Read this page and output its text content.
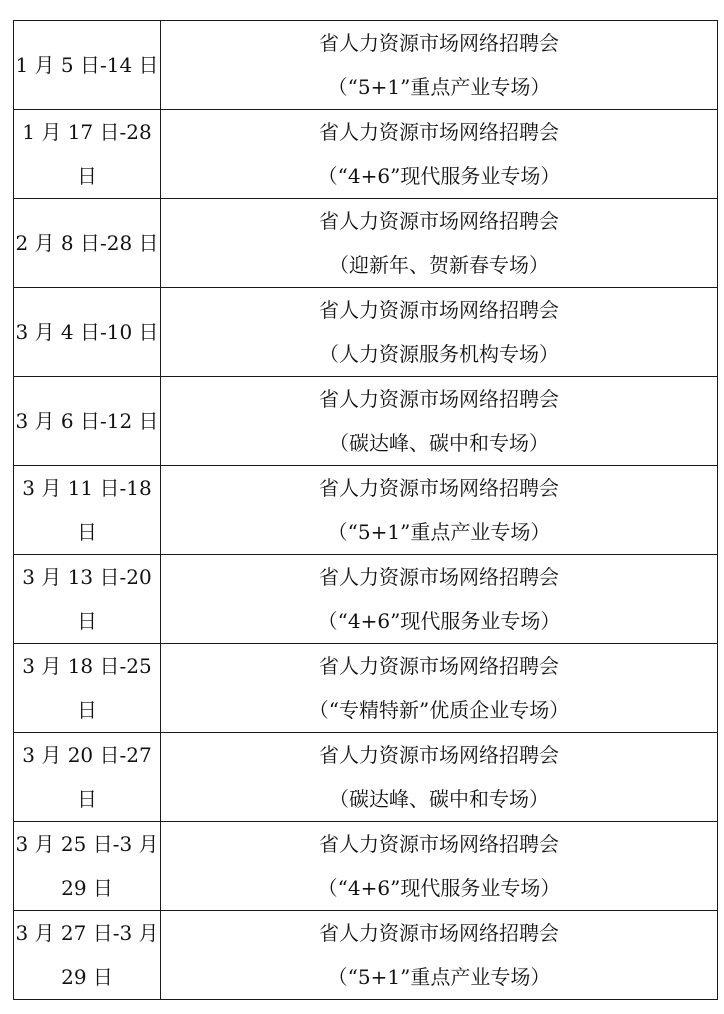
1 月 5 日-14 日	省人力资源市场网络招聘会
（“5+1”重点产业专场）

1 月 17 日-28 日	省人力资源市场网络招聘会
（“4+6”现代服务业专场）

2 月 8 日-28 日	省人力资源市场网络招聘会
（迎新年、贺新春专场）

3 月 4 日-10 日	省人力资源市场网络招聘会
（人力资源服务机构专场）

3 月 6 日-12 日	省人力资源市场网络招聘会
（碳达峰、碳中和专场）

3 月 11 日-18 日	省人力资源市场网络招聘会
（“5+1”重点产业专场）

3 月 13 日-20 日	省人力资源市场网络招聘会
（“4+6”现代服务业专场）

3 月 18 日-25 日	省人力资源市场网络招聘会
（“专精特新”优质企业专场）

3 月 20 日-27 日	省人力资源市场网络招聘会
（碳达峰、碳中和专场）

3 月 25 日-3 月 29 日	省人力资源市场网络招聘会
（“4+6”现代服务业专场）

3 月 27 日-3 月 29 日	省人力资源市场网络招聘会
（“5+1”重点产业专场）
